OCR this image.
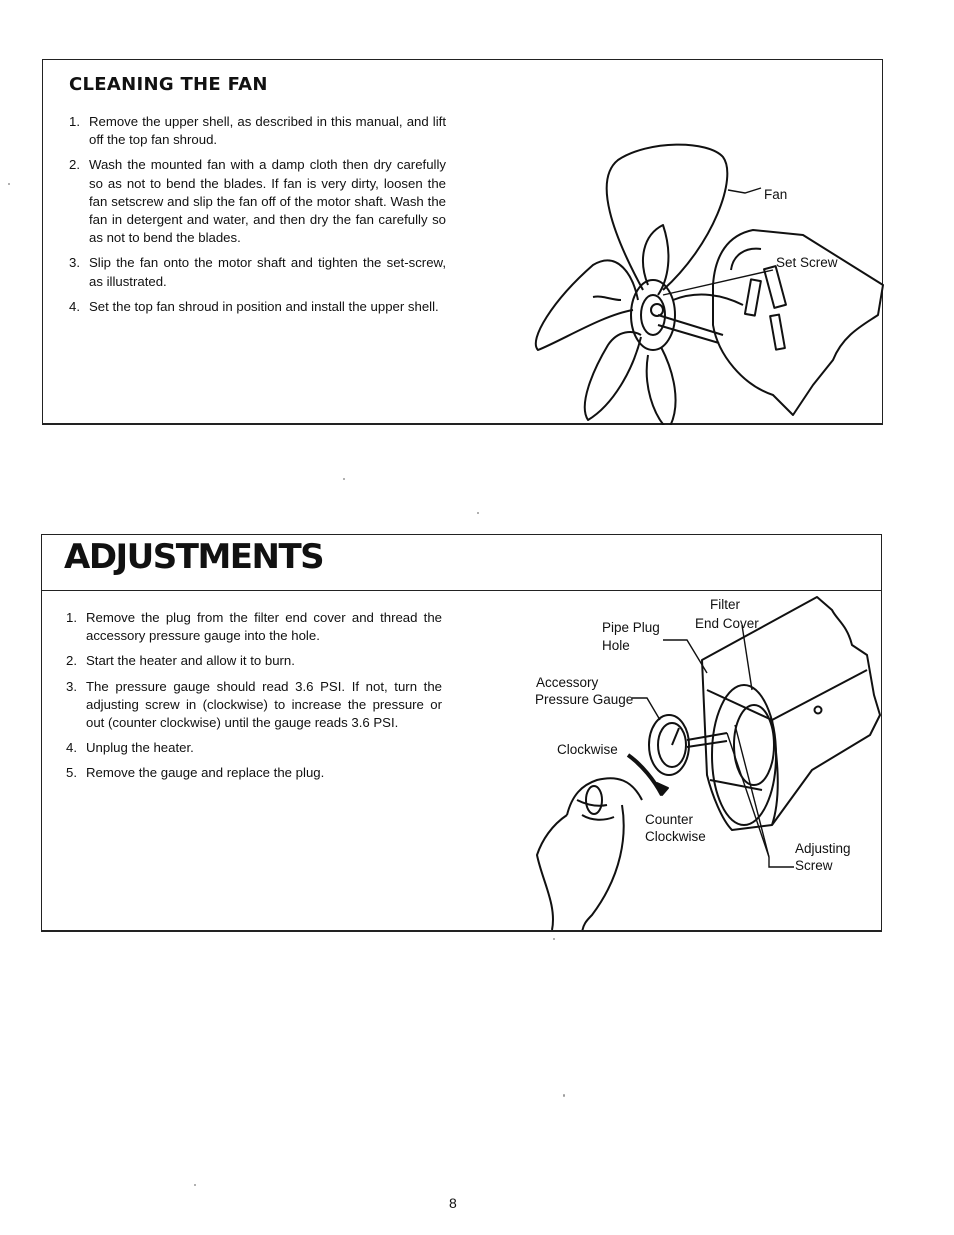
CLEANING THE FAN
1. Remove the upper shell, as described in this manual, and lift off the top fan shroud.
2. Wash the mounted fan with a damp cloth then dry carefully so as not to bend the blades. If fan is very dirty, loosen the fan setscrew and slip the fan off of the motor shaft. Wash the fan in detergent and water, and then dry the fan carefully so as not to bend the blades.
3. Slip the fan onto the motor shaft and tighten the set-screw, as illustrated.
4. Set the top fan shroud in position and install the upper shell.
Fan
Set Screw
ADJUSTMENTS
1. Remove the plug from the filter end cover and thread the accessory pressure gauge into the hole.
2. Start the heater and allow it to burn.
3. The pressure gauge should read 3.6 PSI. If not, turn the adjusting screw in (clockwise) to increase the pressure or out (counter clockwise) until the gauge reads 3.6 PSI.
4. Unplug the heater.
5. Remove the gauge and replace the plug.
Filter
End Cover
Pipe Plug
Hole
Accessory
Pressure Gauge
Clockwise
Counter
Clockwise
Adjusting
Screw
8
